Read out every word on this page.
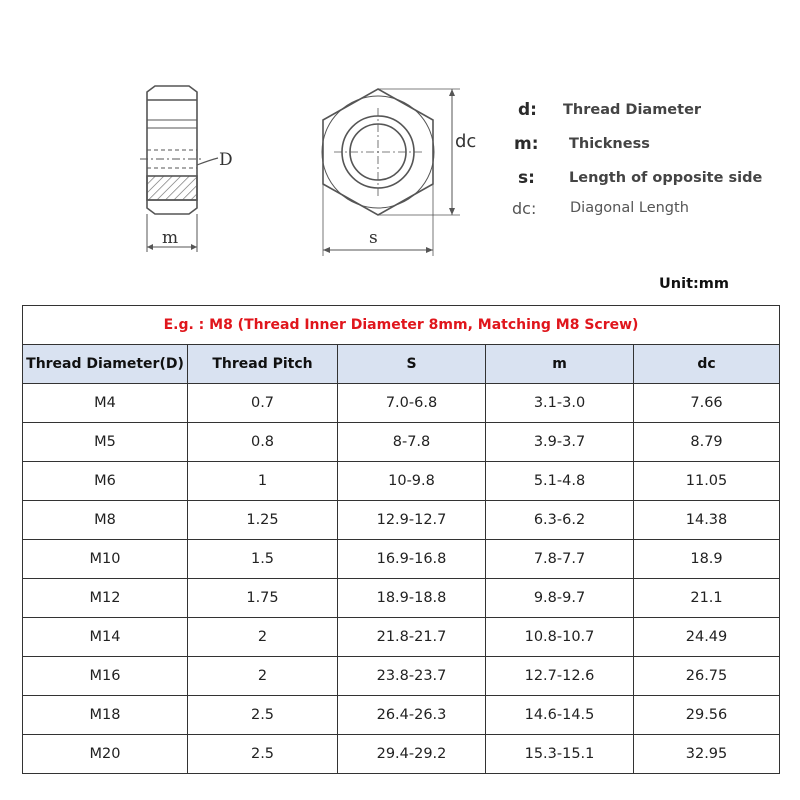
D
m
dc
s
d: Thread Diameter
m: Thickness
s: Length of opposite side
dc: Diagonal Length
Unit:mm
E.g. : M8 (Thread Inner Diameter 8mm, Matching M8 Screw)				
Thread Diameter(D)	Thread Pitch	S	m	dc
M4	0.7	7.0-6.8	3.1-3.0	7.66
M5	0.8	8-7.8	3.9-3.7	8.79
M6	1	10-9.8	5.1-4.8	11.05
M8	1.25	12.9-12.7	6.3-6.2	14.38
M10	1.5	16.9-16.8	7.8-7.7	18.9
M12	1.75	18.9-18.8	9.8-9.7	21.1
M14	2	21.8-21.7	10.8-10.7	24.49
M16	2	23.8-23.7	12.7-12.6	26.75
M18	2.5	26.4-26.3	14.6-14.5	29.56
M20	2.5	29.4-29.2	15.3-15.1	32.95
